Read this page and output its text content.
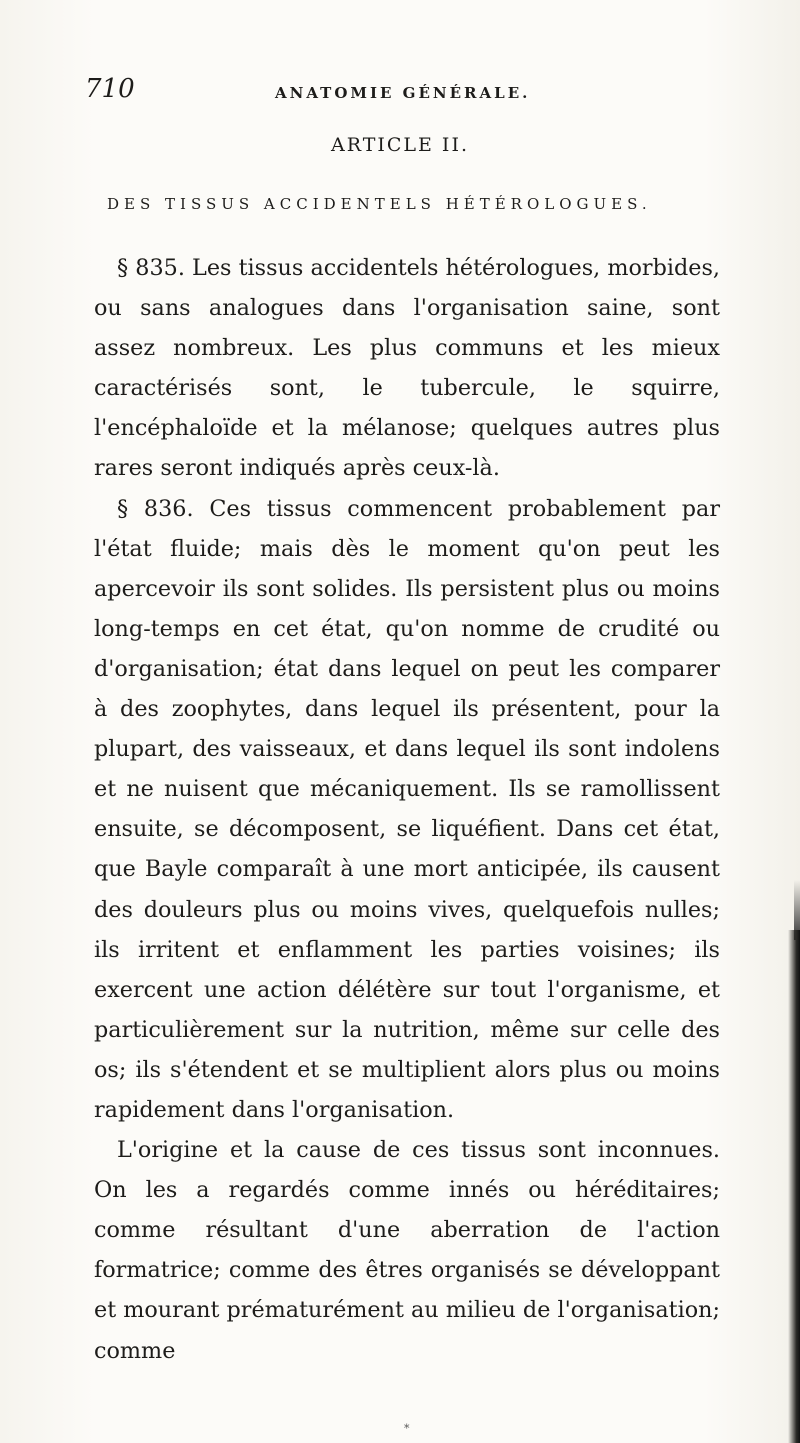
710	ANATOMIE GÉNÉRALE.
ARTICLE II.
DES TISSUS ACCIDENTELS HÉTÉROLOGUES.

§ 835. Les tissus accidentels hétérologues, morbides, ou sans analogues dans l'organisation saine, sont assez nombreux. Les plus communs et les mieux caractérisés sont, le tubercule, le squirre, l'encéphaloïde et la mélanose; quelques autres plus rares seront indiqués après ceux-là.

§ 836. Ces tissus commencent probablement par l'état fluide; mais dès le moment qu'on peut les apercevoir ils sont solides. Ils persistent plus ou moins long-temps en cet état, qu'on nomme de crudité ou d'organisation; état dans lequel on peut les comparer à des zoophytes, dans lequel ils présentent, pour la plupart, des vaisseaux, et dans lequel ils sont indolens et ne nuisent que mécaniquement. Ils se ramollissent ensuite, se décomposent, se liquéfient. Dans cet état, que Bayle comparaît à une mort anticipée, ils causent des douleurs plus ou moins vives, quelquefois nulles; ils irritent et enflamment les parties voisines; ils exercent une action délétère sur tout l'organisme, et particulièrement sur la nutrition, même sur celle des os; ils s'étendent et se multiplient alors plus ou moins rapidement dans l'organisation.

L'origine et la cause de ces tissus sont inconnues. On les a regardés comme innés ou héréditaires; comme résultant d'une aberration de l'action formatrice; comme des êtres organisés se développant et mourant prématurément au milieu de l'organisation; comme

*
